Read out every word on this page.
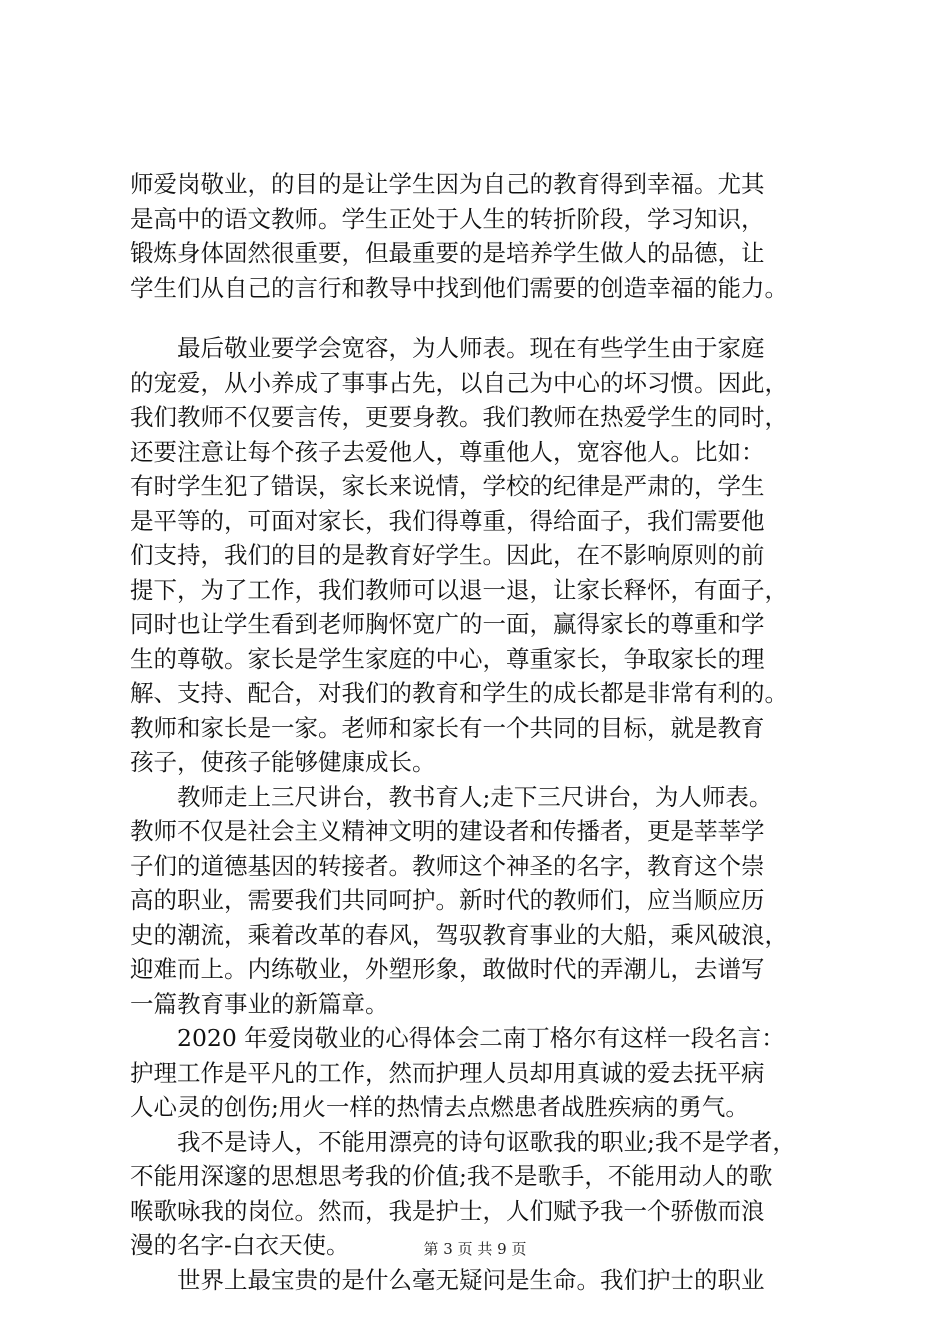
师爱岗敬业，的目的是让学生因为自己的教育得到幸福。尤其
是高中的语文教师。学生正处于人生的转折阶段，学习知识，
锻炼身体固然很重要，但最重要的是培养学生做人的品德，让
学生们从自己的言行和教导中找到他们需要的创造幸福的能力。
最后敬业要学会宽容，为人师表。现在有些学生由于家庭
的宠爱，从小养成了事事占先，以自己为中心的坏习惯。因此，
我们教师不仅要言传，更要身教。我们教师在热爱学生的同时，
还要注意让每个孩子去爱他人，尊重他人，宽容他人。比如：
有时学生犯了错误，家长来说情，学校的纪律是严肃的，学生
是平等的，可面对家长，我们得尊重，得给面子，我们需要他
们支持，我们的目的是教育好学生。因此，在不影响原则的前
提下，为了工作，我们教师可以退一退，让家长释怀，有面子，
同时也让学生看到老师胸怀宽广的一面，赢得家长的尊重和学
生的尊敬。家长是学生家庭的中心，尊重家长，争取家长的理
解、支持、配合，对我们的教育和学生的成长都是非常有利的。
教师和家长是一家。老师和家长有一个共同的目标，就是教育
孩子，使孩子能够健康成长。
教师走上三尺讲台，教书育人;走下三尺讲台，为人师表。
教师不仅是社会主义精神文明的建设者和传播者，更是莘莘学
子们的道德基因的转接者。教师这个神圣的名字，教育这个崇
高的职业，需要我们共同呵护。新时代的教师们，应当顺应历
史的潮流，乘着改革的春风，驾驭教育事业的大船，乘风破浪，
迎难而上。内练敬业，外塑形象，敢做时代的弄潮儿，去谱写
一篇教育事业的新篇章。
2020 年爱岗敬业的心得体会二南丁格尔有这样一段名言：
护理工作是平凡的工作，然而护理人员却用真诚的爱去抚平病
人心灵的创伤;用火一样的热情去点燃患者战胜疾病的勇气。
我不是诗人，不能用漂亮的诗句讴歌我的职业;我不是学者，
不能用深邃的思想思考我的价值;我不是歌手，不能用动人的歌
喉歌咏我的岗位。然而，我是护士，人们赋予我一个骄傲而浪
漫的名字-白衣天使。
世界上最宝贵的是什么毫无疑问是生命。我们护士的职业
第 3 页 共 9 页
